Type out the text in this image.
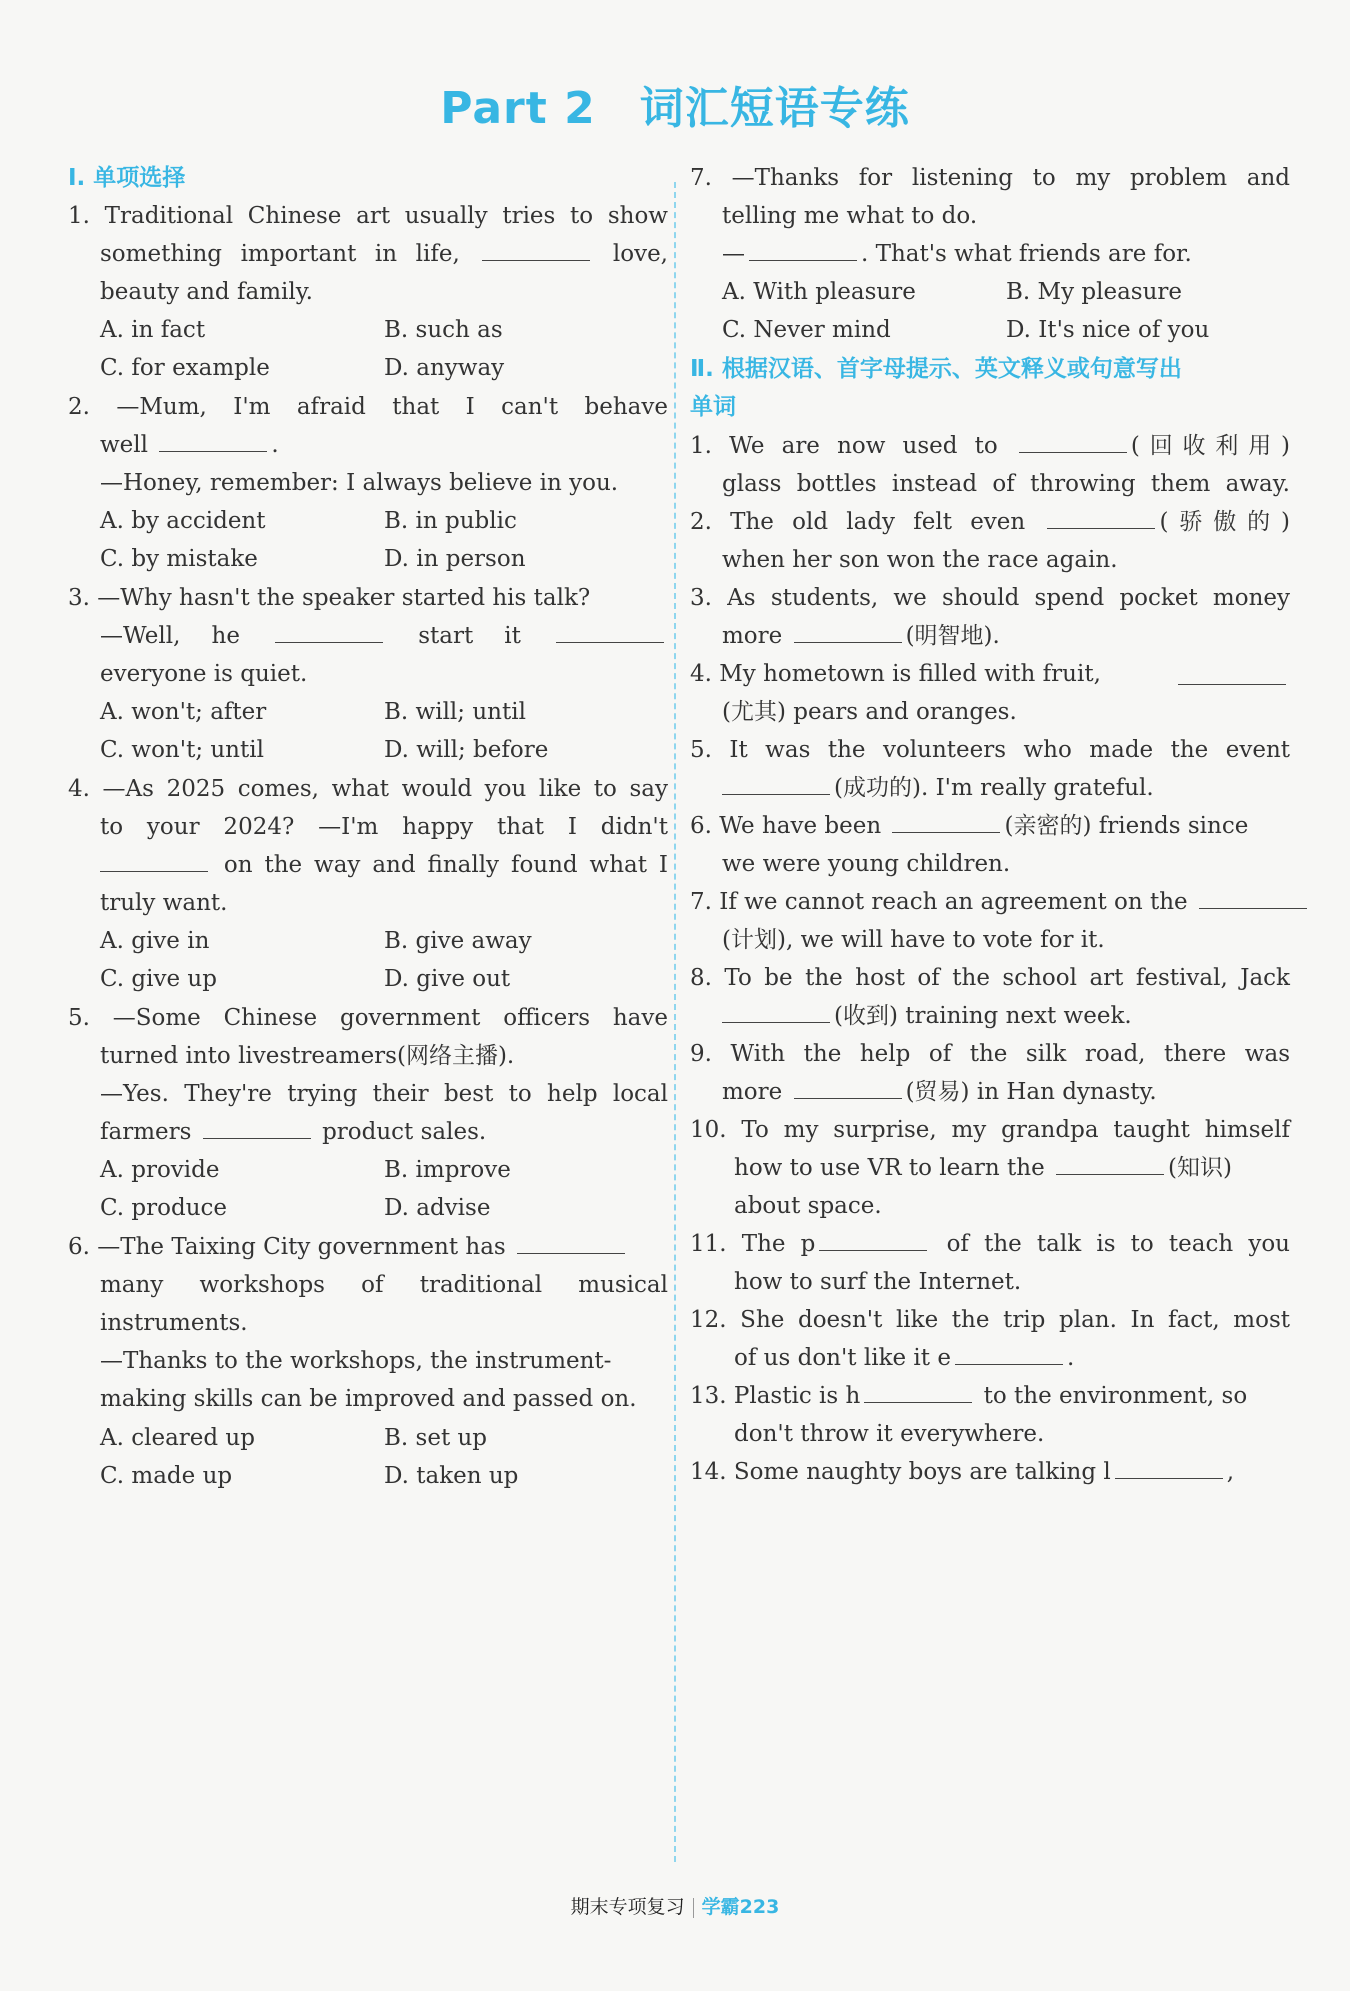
Part 2 词汇短语专练
Ⅰ. 单项选择
1. Traditional Chinese art usually tries to show
something important in life,	love,
beauty and family.
A. in fact	B. such as
C. for example	D. anyway
2. —Mum, I'm afraid that I can't behave
well	.
—Honey, remember: I always believe in you.
A. by accident	B. in public
C. by mistake	D. in person
3. —Why hasn't the speaker started his talk?
—Well, he	start it
everyone is quiet.
A. won't; after	B. will; until
C. won't; until	D. will; before
4. —As 2025 comes, what would you like to say
to your 2024? —I'm happy that I didn't
on the way and finally found what I
truly want.
A. give in	B. give away
C. give up	D. give out
5. —Some Chinese government officers have
turned into livestreamers(网络主播).
—Yes. They're trying their best to help local
farmers	product sales.
A. provide	B. improve
C. produce	D. advise
6. —The Taixing City government has
many workshops of traditional musical
instruments.
—Thanks to the workshops, the instrument-
making skills can be improved and passed on.
A. cleared up	B. set up
C. made up	D. taken up
7. —Thanks for listening to my problem and
telling me what to do.
—	. That's what friends are for.
A. With pleasure	B. My pleasure
C. Never mind	D. It's nice of you
Ⅱ. 根据汉语、首字母提示、英文释义或句意写出
单词
1. We are now used to	(回收利用)
glass bottles instead of throwing them away.
2. The old lady felt even	(骄傲的)
when her son won the race again.
3. As students, we should spend pocket money
more	(明智地).
4. My hometown is filled with fruit,
(尤其) pears and oranges.
5. It was the volunteers who made the event
(成功的). I'm really grateful.
6. We have been	(亲密的) friends since
we were young children.
7. If we cannot reach an agreement on the
(计划), we will have to vote for it.
8. To be the host of the school art festival, Jack
(收到) training next week.
9. With the help of the silk road, there was
more	(贸易) in Han dynasty.
10. To my surprise, my grandpa taught himself
how to use VR to learn the	(知识)
about space.
11. The p	of the talk is to teach you
how to surf the Internet.
12. She doesn't like the trip plan. In fact, most
of us don't like it e	.
13. Plastic is h	to the environment, so
don't throw it everywhere.
14. Some naughty boys are talking l	,
期末专项复习 学霸223
